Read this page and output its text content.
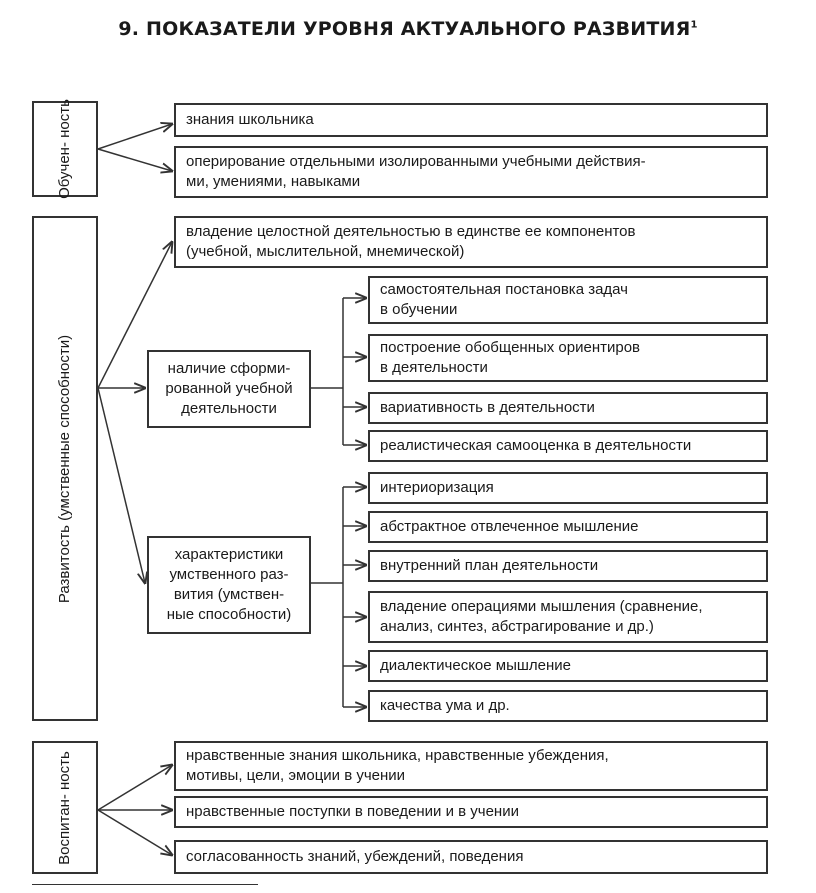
9. ПОКАЗАТЕЛИ УРОВНЯ АКТУАЛЬНОГО РАЗВИТИЯ$^1$
Обучен- ность	знания школьника
оперирование отдельными изолированными учебными действия-
ми, умениями, навыками
Развитость (умственные способности)
владение целостной деятельностью в единстве ее компонентов
(учебной, мыслительной, мнемической)
наличие сформи-
рованной учебной
деятельности
самостоятельная постановка задач
в обучении
построение обобщенных ориентиров
в деятельности
вариативность в деятельности
реалистическая самооценка в деятельности
характеристики
умственного раз-
вития (умствен-
ные способности)
интериоризация
абстрактное отвлеченное мышление
внутренний план деятельности
владение операциями мышления (сравнение,
анализ, синтез, абстрагирование и др.)
диалектическое мышление
качества ума и др.
Воспитан- ность	нравственные знания школьника, нравственные убеждения,
мотивы, цели, эмоции в учении
нравственные поступки в поведении и в учении
согласованность знаний, убеждений, поведения
